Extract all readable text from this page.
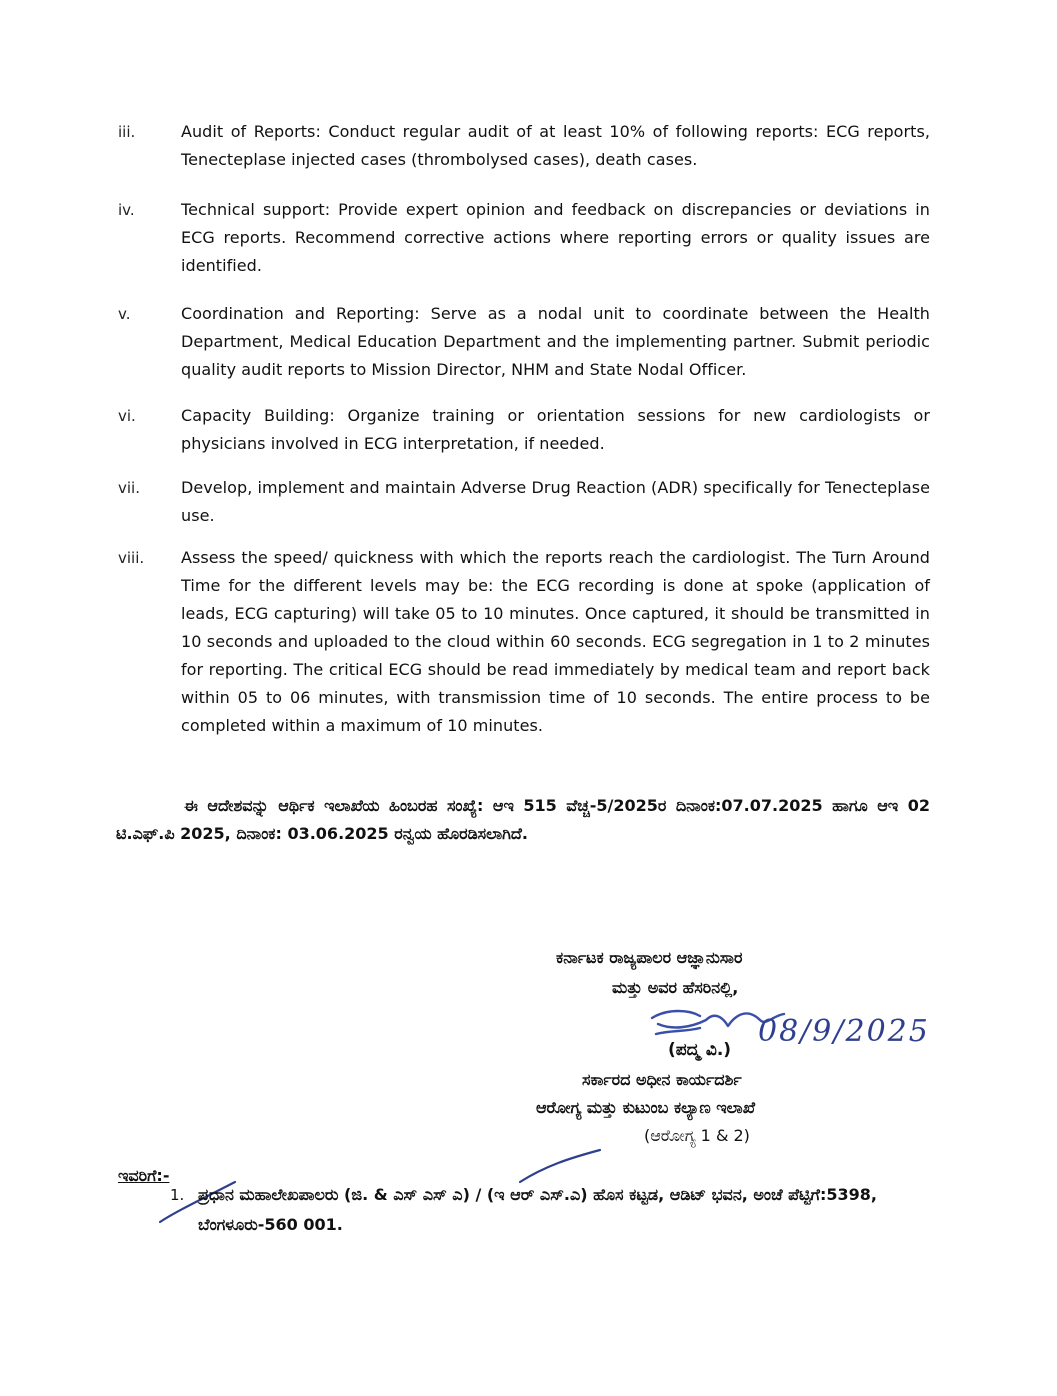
iii.	Audit of Reports: Conduct regular audit of at least 10% of following reports: ECG reports, Tenecteplase injected cases (thrombolysed cases), death cases.
iv.	Technical support: Provide expert opinion and feedback on discrepancies or deviations in ECG reports. Recommend corrective actions where reporting errors or quality issues are identified.
v.	Coordination and Reporting: Serve as a nodal unit to coordinate between the Health Department, Medical Education Department and the implementing partner. Submit periodic quality audit reports to Mission Director, NHM and State Nodal Officer.
vi.	Capacity Building: Organize training or orientation sessions for new cardiologists or physicians involved in ECG interpretation, if needed.
vii.	Develop, implement and maintain Adverse Drug Reaction (ADR) specifically for Tenecteplase use.
viii.	Assess the speed/ quickness with which the reports reach the cardiologist. The Turn Around Time for the different levels may be: the ECG recording is done at spoke (application of leads, ECG capturing) will take 05 to 10 minutes. Once captured, it should be transmitted in 10 seconds and uploaded to the cloud within 60 seconds. ECG segregation in 1 to 2 minutes for reporting. The critical ECG should be read immediately by medical team and report back within 05 to 06 minutes, with transmission time of 10 seconds. The entire process to be completed within a maximum of 10 minutes.
ಈ ಆದೇಶವನ್ನು ಆರ್ಥಿಕ ಇಲಾಖೆಯ ಹಿಂಬರಹ ಸಂಖ್ಯೆ: ಆಇ 515 ವೆಚ್ಚ-5/2025ರ ದಿನಾಂಕ:07.07.2025 ಹಾಗೂ ಆಇ 02 ಟಿ.ಎಫ್.ಪಿ 2025, ದಿನಾಂಕ: 03.06.2025 ರನ್ವಯ ಹೊರಡಿಸಲಾಗಿದೆ.
ಕರ್ನಾಟಕ ರಾಜ್ಯಪಾಲರ ಆಜ್ಞಾನುಸಾರ
ಮತ್ತು ಅವರ ಹೆಸರಿನಲ್ಲಿ,
(ಪದ್ಮ ವಿ.)
08/9/2025
ಸರ್ಕಾರದ ಅಧೀನ ಕಾರ್ಯದರ್ಶಿ
ಆರೋಗ್ಯ ಮತ್ತು ಕುಟುಂಬ ಕಲ್ಯಾಣ ಇಲಾಖೆ
(ಆರೋಗ್ಯ 1 & 2)
ಇವರಿಗೆ:-
1. ಪ್ರಧಾನ ಮಹಾಲೇಖಪಾಲರು (ಜಿ. & ಎಸ್ ಎಸ್ ಎ) / (ಇ ಆರ್ ಎಸ್.ಎ) ಹೊಸ ಕಟ್ಟಡ, ಆಡಿಟ್ ಭವನ, ಅಂಚೆ ಪೆಟ್ಟಿಗೆ:5398, ಬೆಂಗಳೂರು-560 001.
